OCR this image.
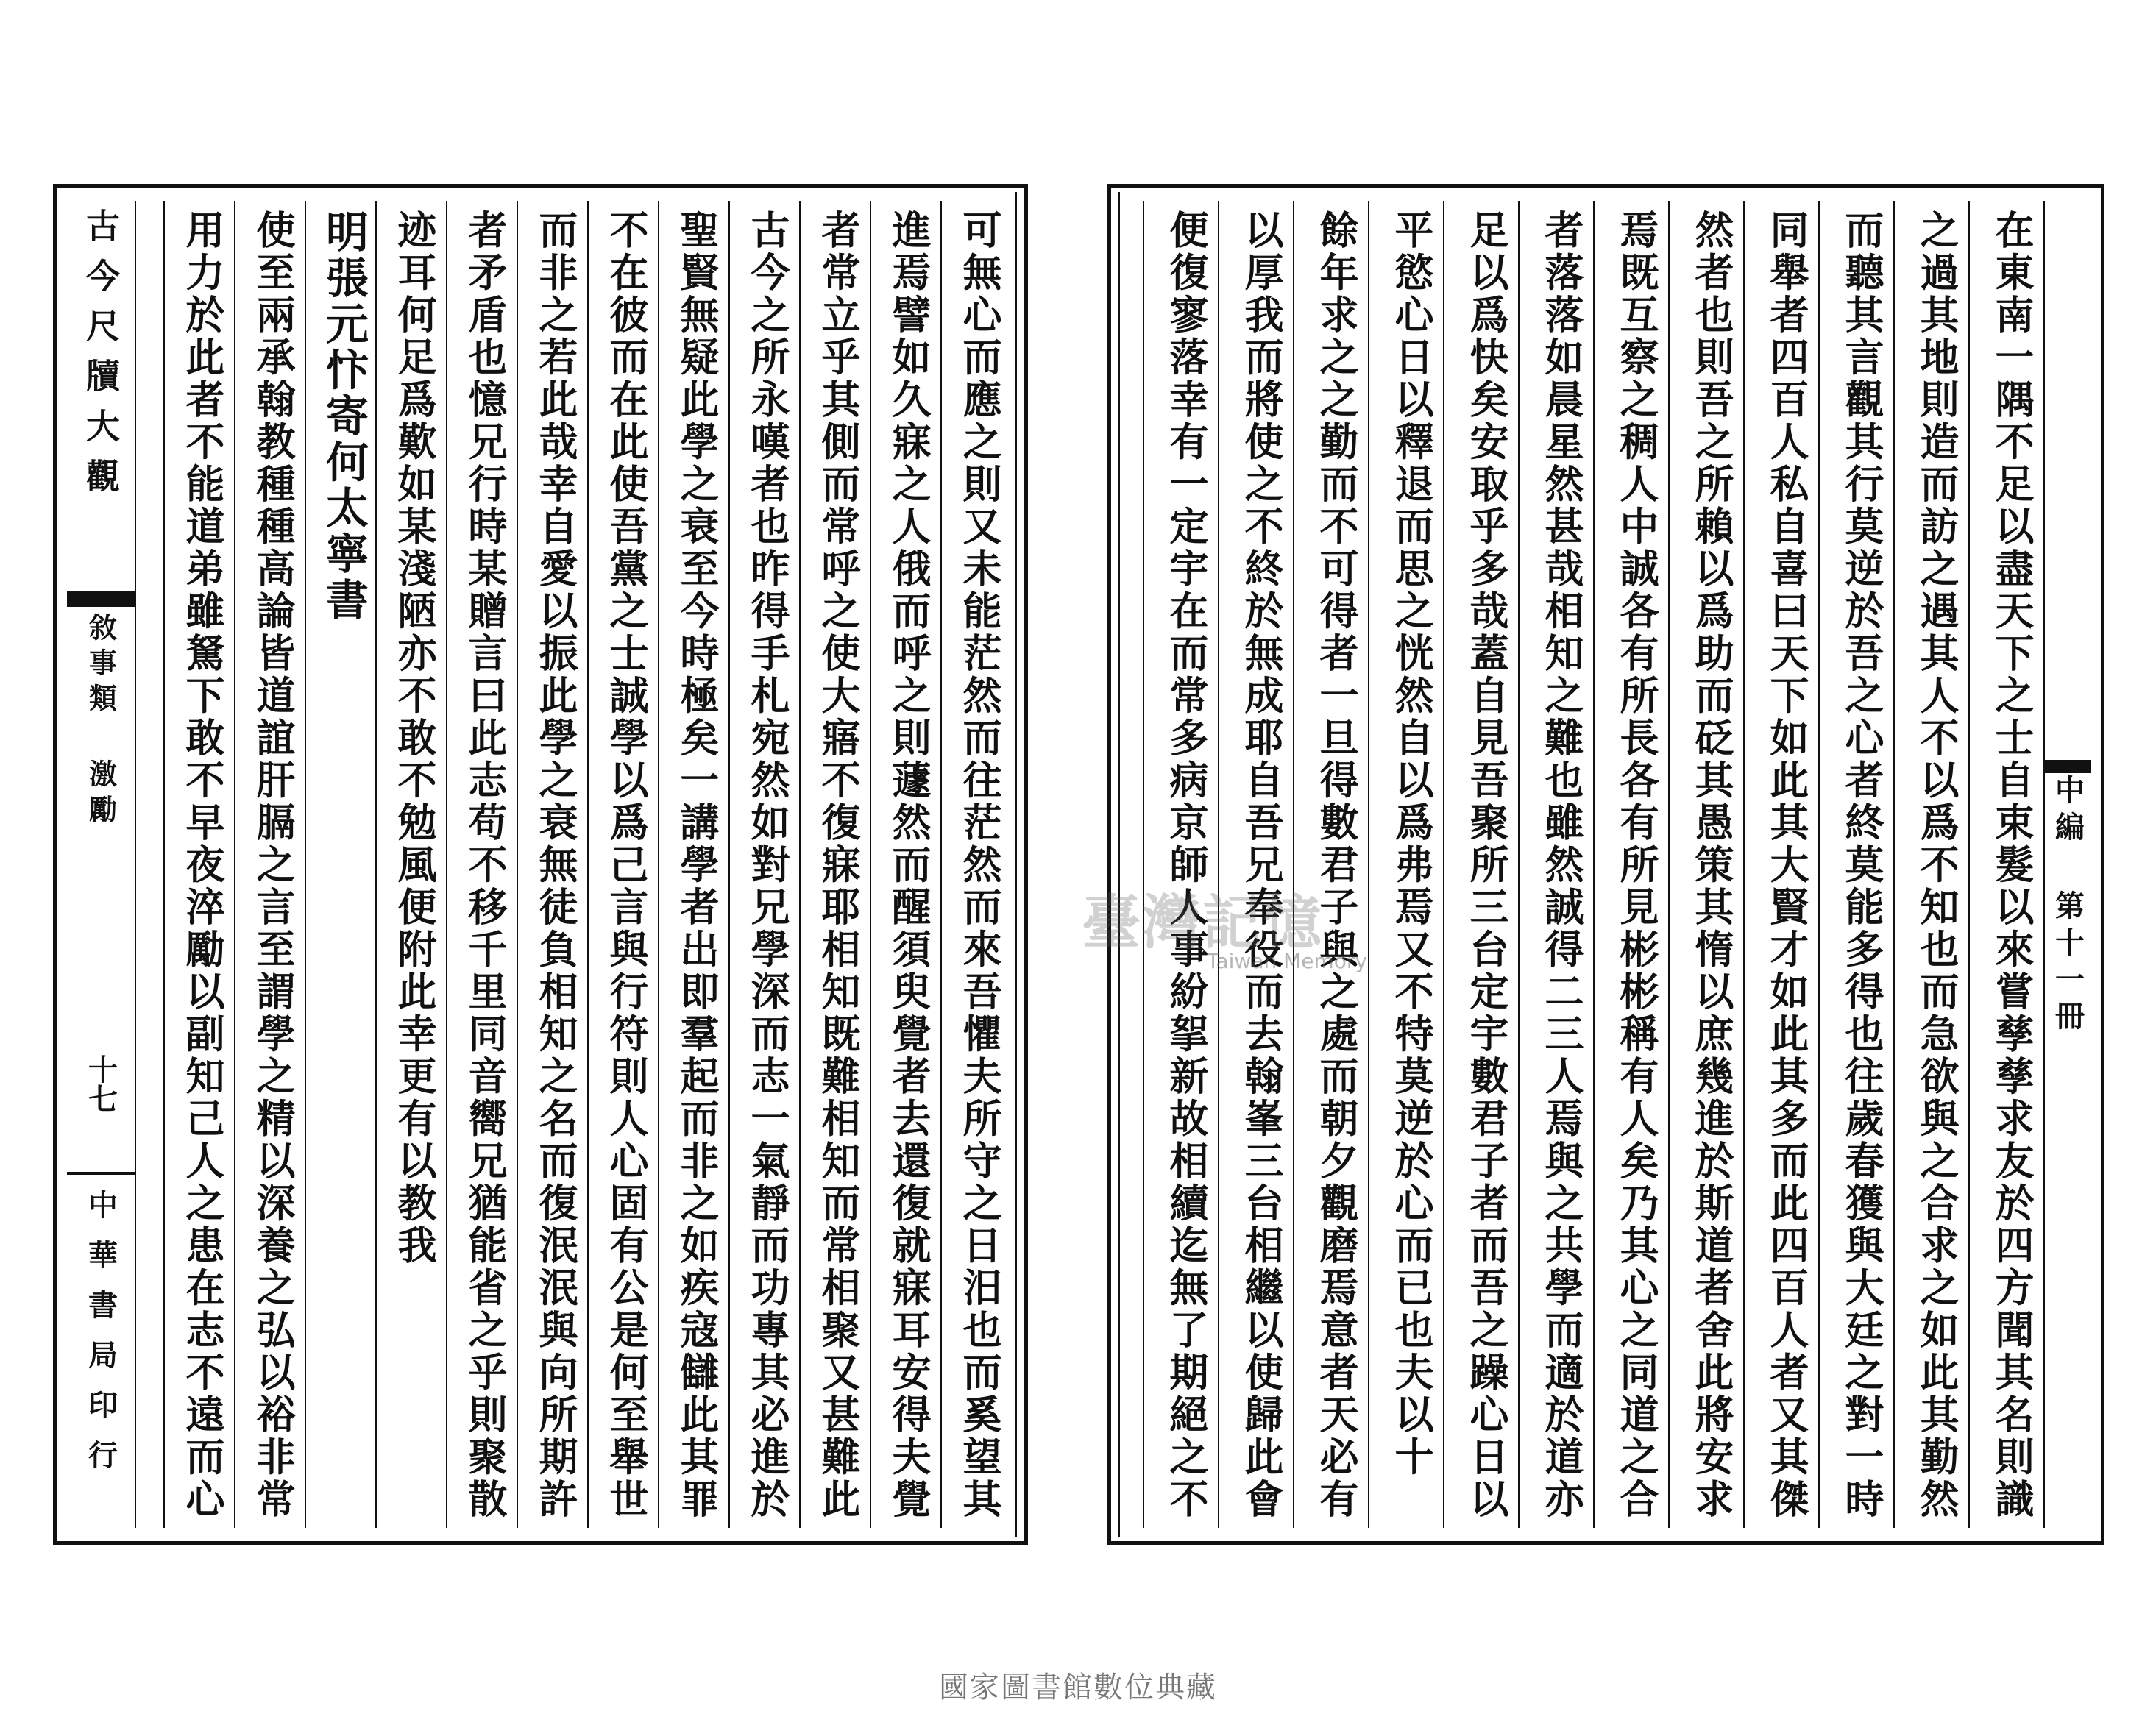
古今尺牘大觀
敘事類 激勵
十七
中華書局印行	可無心而應之則又未能茫然而往茫然而來吾懼夫所守之日汨也而奚望其
進焉譬如久寐之人俄而呼之則蘧然而醒須臾覺者去還復就寐耳安得夫覺
者常立乎其側而常呼之使大寤不復寐耶相知既難相知而常相聚又甚難此
古今之所永嘆者也昨得手札宛然如對兄學深而志一氣靜而功專其必進於
聖賢無疑此學之衰至今時極矣一講學者出即羣起而非之如疾寇讎此其罪
不在彼而在此使吾黨之士誠學以爲己言與行符則人心固有公是何至舉世
而非之若此哉幸自愛以振此學之衰無徒負相知之名而復泯泯與向所期許
者矛盾也憶兄行時某贈言曰此志苟不移千里同音嚮兄猶能省之乎則聚散
迹耳何足爲歎如某淺陋亦不敢不勉風便附此幸更有以教我
明張元忭寄何太寧書
使至兩承翰教種種高論皆道誼肝膈之言至謂學之精以深養之弘以裕非常
用力於此者不能道弟雖駑下敢不早夜淬勵以副知己人之患在志不遠而心	中編 第十一冊
在東南一隅不足以盡天下之士自束髮以來嘗孳孳求友於四方聞其名則識
之過其地則造而訪之遇其人不以爲不知也而急欲與之合求之如此其勤然
而聽其言觀其行莫逆於吾之心者終莫能多得也往歲春獲與大廷之對一時
同舉者四百人私自喜曰天下如此其大賢才如此其多而此四百人者又其傑
然者也則吾之所賴以爲助而砭其愚策其惰以庶幾進於斯道者舍此將安求
焉既互察之稠人中誠各有所長各有所見彬彬稱有人矣乃其心之同道之合
者落落如晨星然甚哉相知之難也雖然誠得二三人焉與之共學而適於道亦
足以爲快矣安取乎多哉蓋自見吾聚所三台定宇數君子者而吾之躁心日以
平慾心日以釋退而思之恍然自以爲弗焉又不特莫逆於心而已也夫以十
餘年求之之勤而不可得者一旦得數君子與之處而朝夕觀磨焉意者天必有
以厚我而將使之不終於無成耶自吾兄奉役而去翰峯三台相繼以使歸此會
便復寥落幸有一定宇在而常多病京師人事紛挐新故相續迄無了期絕之不
臺灣記憶
Taiwan Memory
國家圖書館數位典藏
